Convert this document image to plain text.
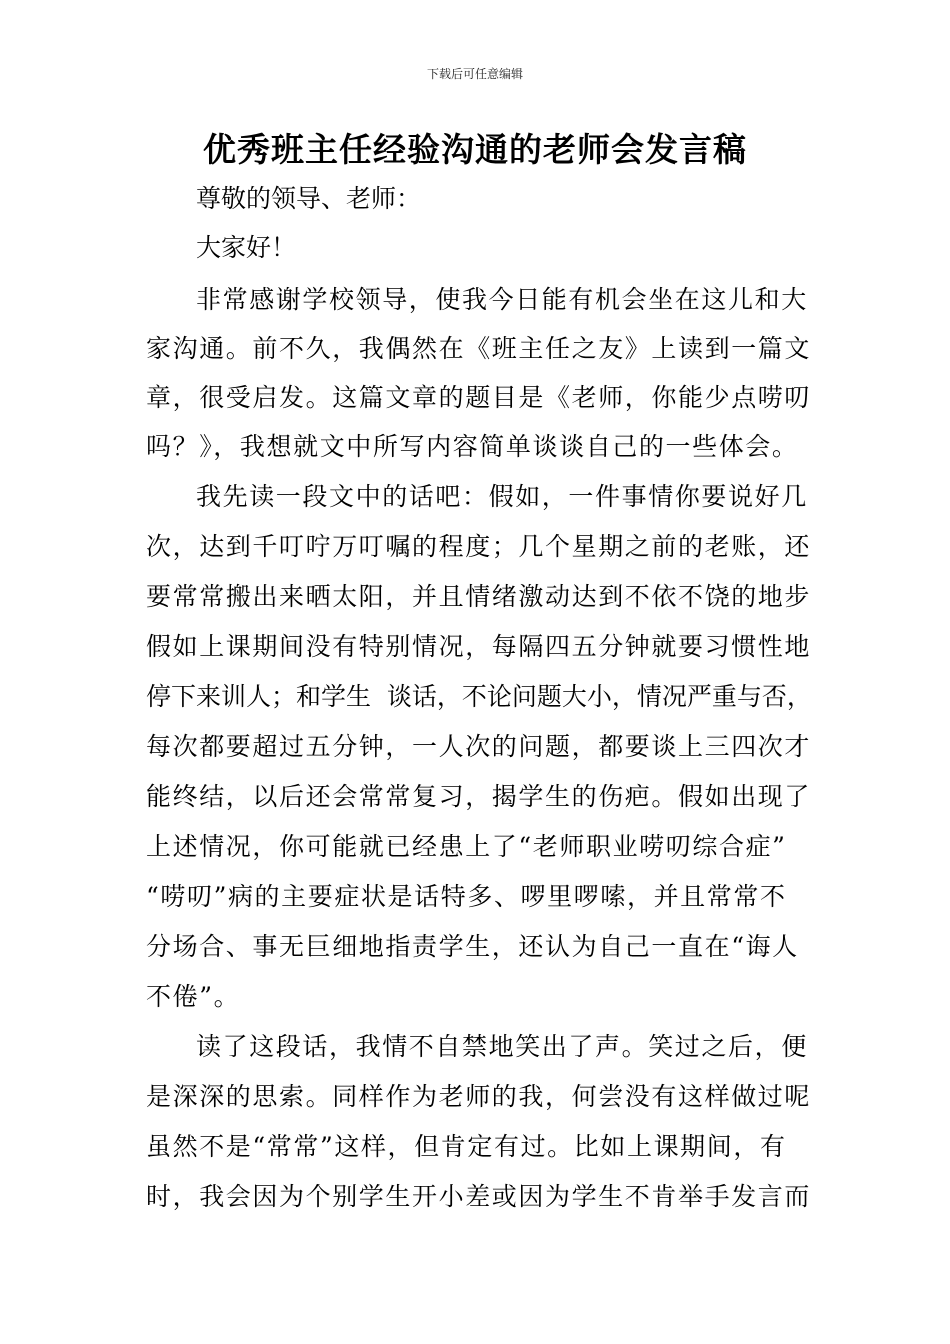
下载后可任意编辑
优秀班主任经验沟通的老师会发言稿
尊敬的领导、老师：
大家好！
非常感谢学校领导，使我今日能有机会坐在这儿和大
家沟通。前不久，我偶然在《班主任之友》上读到一篇文
章，很受启发。这篇文章的题目是《老师，你能少点唠叨
吗？》，我想就文中所写内容简单谈谈自己的一些体会。
我先读一段文中的话吧：假如，一件事情你要说好几
次，达到千叮咛万叮嘱的程度；几个星期之前的老账，还
要常常搬出来晒太阳，并且情绪激动达到不依不饶的地步
假如上课期间没有特别情况，每隔四五分钟就要习惯性地
停下来训人；和学生  谈话，不论问题大小，情况严重与否，
每次都要超过五分钟，一人次的问题，都要谈上三四次才
能终结，以后还会常常复习，揭学生的伤疤。假如出现了
上述情况，你可能就已经患上了“老师职业唠叨综合症”
“唠叨”病的主要症状是话特多、啰里啰嗦，并且常常不
分场合、事无巨细地指责学生，还认为自己一直在“诲人
不倦”。
读了这段话，我情不自禁地笑出了声。笑过之后，便
是深深的思索。同样作为老师的我，何尝没有这样做过呢
虽然不是“常常”这样，但肯定有过。比如上课期间，有
时，我会因为个别学生开小差或因为学生不肯举手发言而
